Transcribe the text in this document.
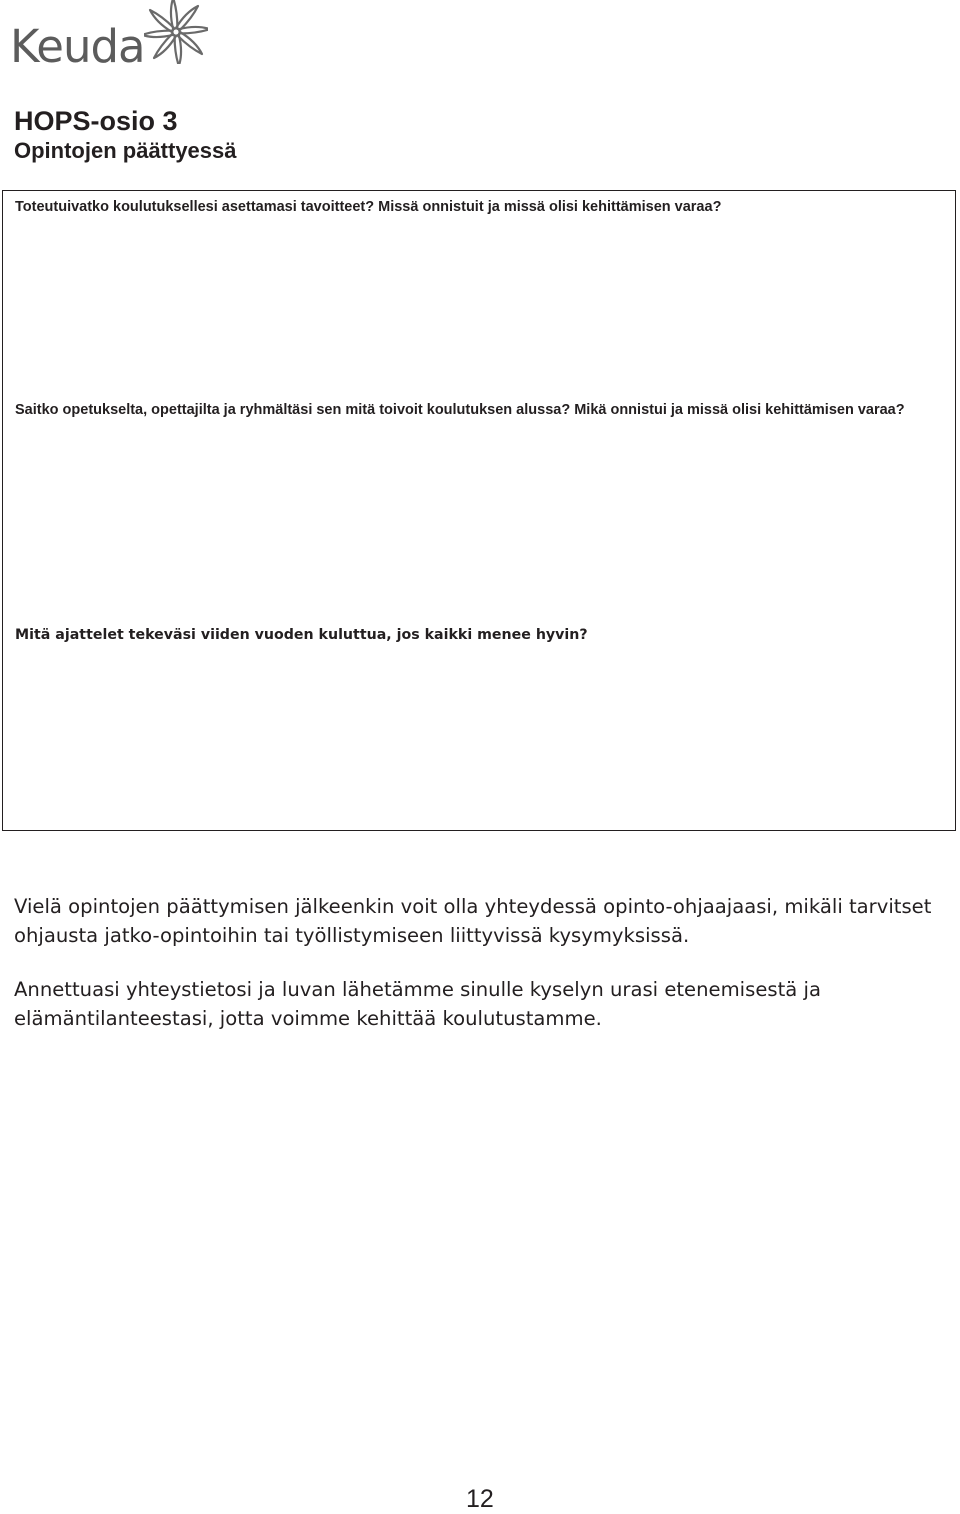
Keuda
HOPS-osio 3
Opintojen päättyessä
Toteutuivatko koulutuksellesi asettamasi tavoitteet? Missä onnistuit ja missä olisi kehittämisen varaa?
Saitko opetukselta, opettajilta ja ryhmältäsi sen mitä toivoit koulutuksen alussa? Mikä onnistui ja missä olisi kehittämisen varaa?
Mitä ajattelet tekeväsi viiden vuoden kuluttua, jos kaikki menee hyvin?

Vielä opintojen päättymisen jälkeenkin voit olla yhteydessä opinto-ohjaajaasi, mikäli tarvitset ohjausta jatko-opintoihin tai työllistymiseen liittyvissä kysymyksissä.

Annettuasi yhteystietosi ja luvan lähetämme sinulle kyselyn urasi etenemisestä ja elämäntilanteestasi, jotta voimme kehittää koulutustamme.

12
